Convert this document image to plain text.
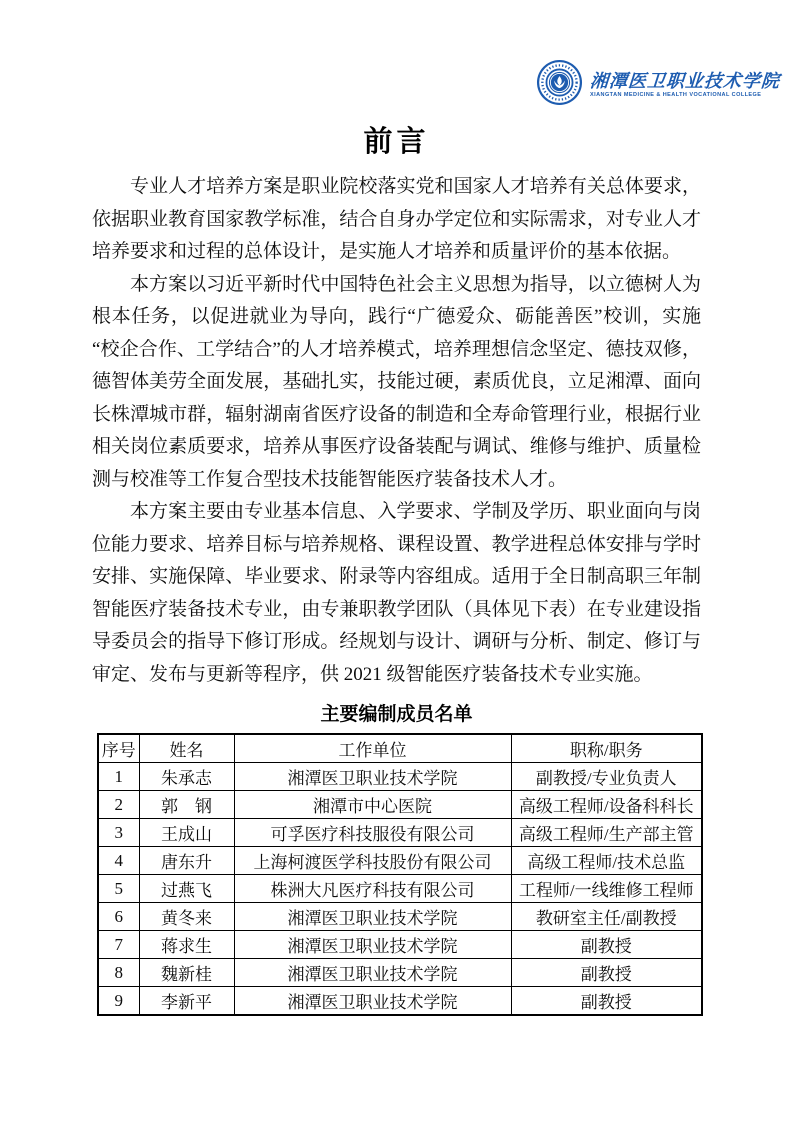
湘潭医卫职业技术学院
XIANGTAN MEDICINE & HEALTH VOCATIONAL COLLEGE
前言

专业人才培养方案是职业院校落实党和国家人才培养有关总体要求，依据职业教育国家教学标准，结合自身办学定位和实际需求，对专业人才培养要求和过程的总体设计，是实施人才培养和质量评价的基本依据。

本方案以习近平新时代中国特色社会主义思想为指导，以立德树人为根本任务，以促进就业为导向，践行“广德爱众、砺能善医”校训，实施“校企合作、工学结合”的人才培养模式，培养理想信念坚定、德技双修，德智体美劳全面发展，基础扎实，技能过硬，素质优良，立足湘潭、面向长株潭城市群，辐射湖南省医疗设备的制造和全寿命管理行业，根据行业相关岗位素质要求，培养从事医疗设备装配与调试、维修与维护、质量检测与校准等工作复合型技术技能智能医疗装备技术人才。

本方案主要由专业基本信息、入学要求、学制及学历、职业面向与岗位能力要求、培养目标与培养规格、课程设置、教学进程总体安排与学时安排、实施保障、毕业要求、附录等内容组成。适用于全日制高职三年制智能医疗装备技术专业，由专兼职教学团队（具体见下表）在专业建设指导委员会的指导下修订形成。经规划与设计、调研与分析、制定、修订与审定、发布与更新等程序，供 2021 级智能医疗装备技术专业实施。

主要编制成员名单
序号	姓名	工作单位	职称/职务
1	朱承志	湘潭医卫职业技术学院	副教授/专业负责人
2	郭　钢	湘潭市中心医院	高级工程师/设备科科长
3	王成山	可孚医疗科技服役有限公司	高级工程师/生产部主管
4	唐东升	上海柯渡医学科技股份有限公司	高级工程师/技术总监
5	过燕飞	株洲大凡医疗科技有限公司	工程师/一线维修工程师
6	黄冬来	湘潭医卫职业技术学院	教研室主任/副教授
7	蒋求生	湘潭医卫职业技术学院	副教授
8	魏新桂	湘潭医卫职业技术学院	副教授
9	李新平	湘潭医卫职业技术学院	副教授
